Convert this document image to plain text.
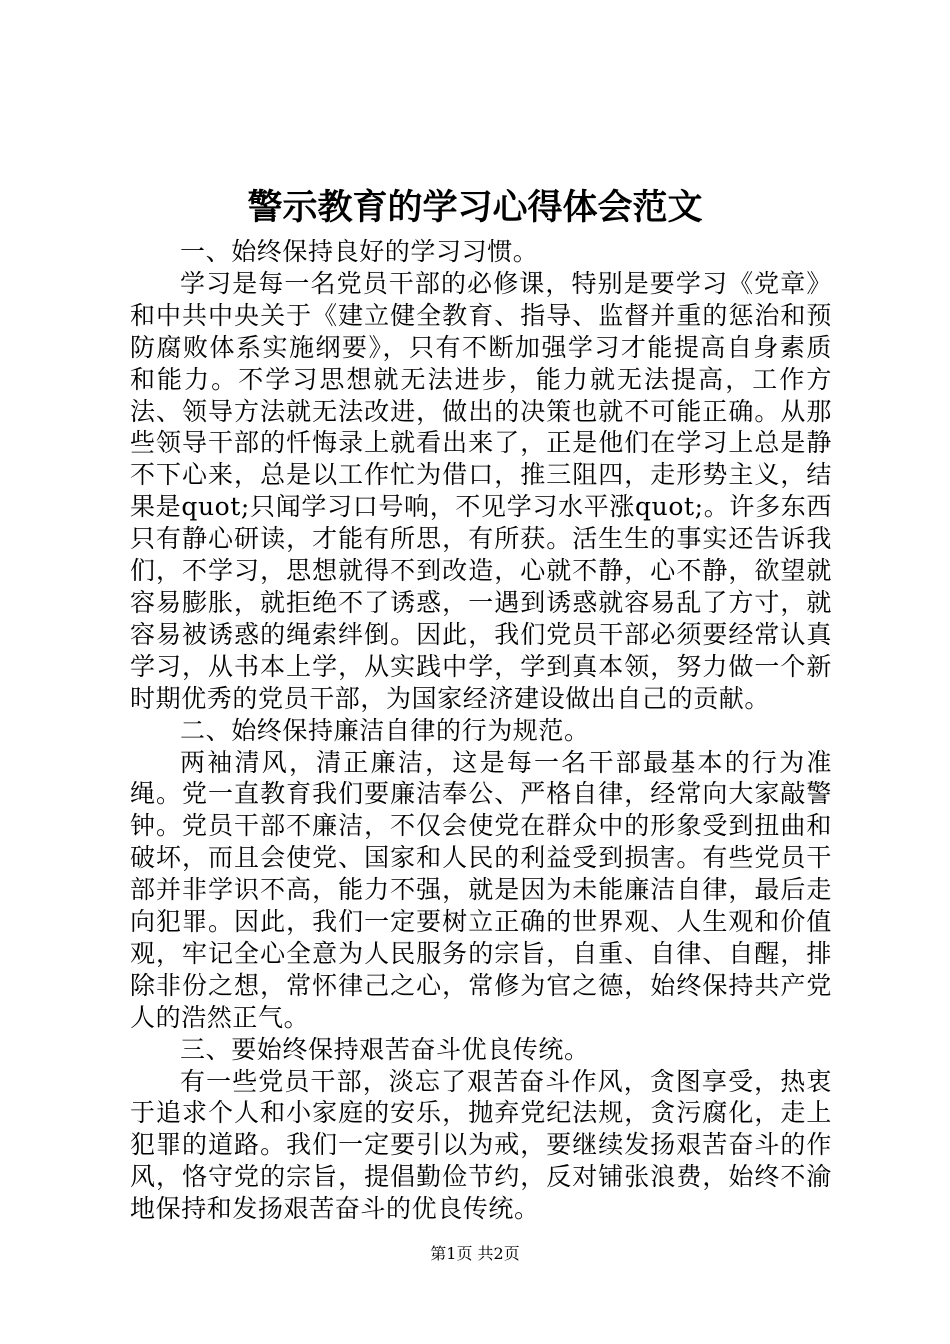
警示教育的学习心得体会范文

一、始终保持良好的学习习惯。

学习是每一名党员干部的必修课，特别是要学习《党章》和中共中央关于《建立健全教育、指导、监督并重的惩治和预防腐败体系实施纲要》，只有不断加强学习才能提高自身素质和能力。不学习思想就无法进步，能力就无法提高，工作方法、领导方法就无法改进，做出的决策也就不可能正确。从那些领导干部的忏悔录上就看出来了，正是他们在学习上总是静不下心来，总是以工作忙为借口，推三阻四，走形势主义，结果是quot;只闻学习口号响，不见学习水平涨quot;。许多东西只有静心研读，才能有所思，有所获。活生生的事实还告诉我们，不学习，思想就得不到改造，心就不静，心不静，欲望就容易膨胀，就拒绝不了诱惑，一遇到诱惑就容易乱了方寸，就容易被诱惑的绳索绊倒。因此，我们党员干部必须要经常认真学习，从书本上学，从实践中学，学到真本领，努力做一个新时期优秀的党员干部，为国家经济建设做出自己的贡献。

二、始终保持廉洁自律的行为规范。

两袖清风，清正廉洁，这是每一名干部最基本的行为准绳。党一直教育我们要廉洁奉公、严格自律，经常向大家敲警钟。党员干部不廉洁，不仅会使党在群众中的形象受到扭曲和破坏，而且会使党、国家和人民的利益受到损害。有些党员干部并非学识不高，能力不强，就是因为未能廉洁自律，最后走向犯罪。因此，我们一定要树立正确的世界观、人生观和价值观，牢记全心全意为人民服务的宗旨，自重、自律、自醒，排除非份之想，常怀律己之心，常修为官之德，始终保持共产党人的浩然正气。

三、要始终保持艰苦奋斗优良传统。

有一些党员干部，淡忘了艰苦奋斗作风，贪图享受，热衷于追求个人和小家庭的安乐，抛弃党纪法规，贪污腐化，走上犯罪的道路。我们一定要引以为戒，要继续发扬艰苦奋斗的作风，恪守党的宗旨，提倡勤俭节约，反对铺张浪费，始终不渝地保持和发扬艰苦奋斗的优良传统。

第1页 共2页
